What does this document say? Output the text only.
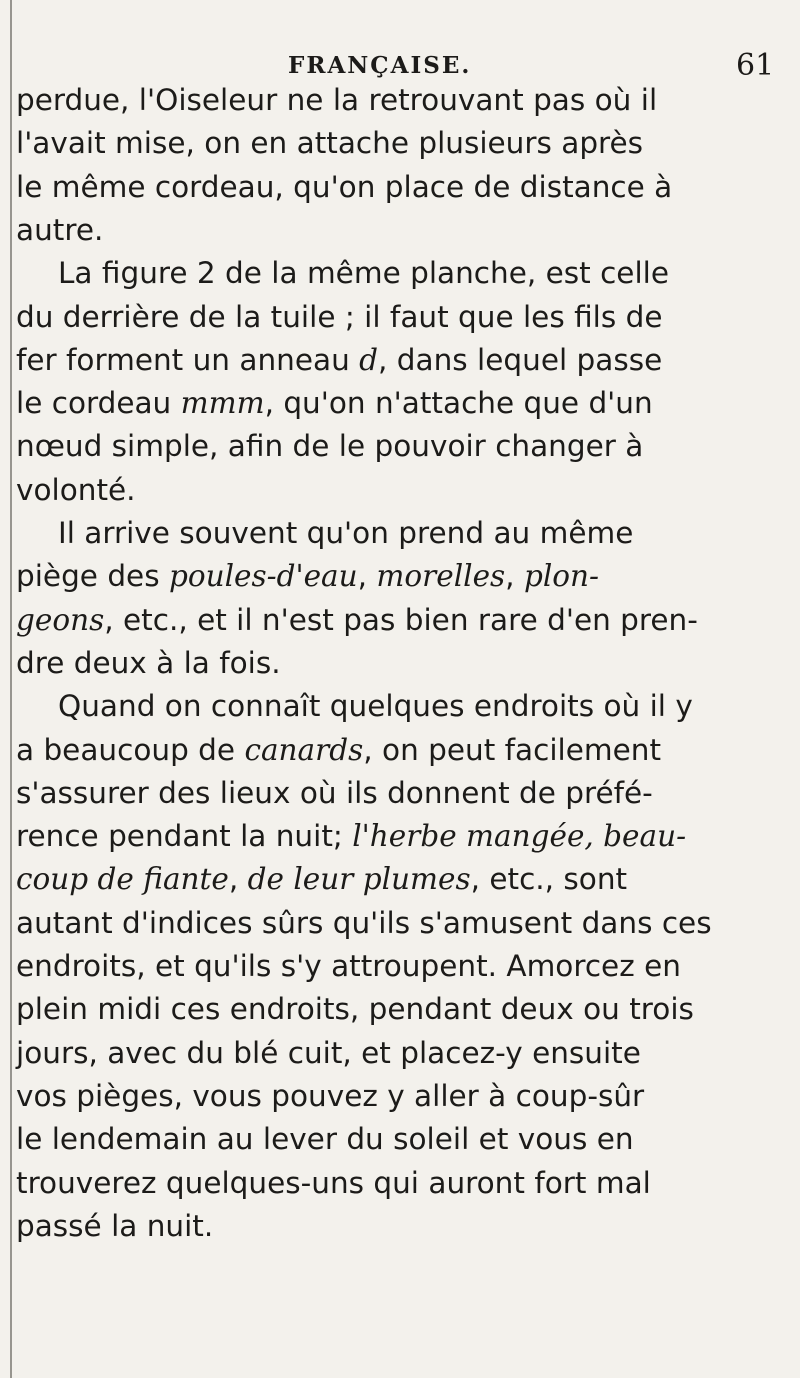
FRANÇAISE.	61
perdue, l'Oiseleur ne la retrouvant pas où il
l'avait mise, on en attache plusieurs après
le même cordeau, qu'on place de distance à
autre.
La figure 2 de la même planche, est celle
du derrière de la tuile ; il faut que les fils de
fer forment un anneau d, dans lequel passe
le cordeau mmm, qu'on n'attache que d'un
nœud simple, afin de le pouvoir changer à
volonté.
Il arrive souvent qu'on prend au même
piège des poules-d'eau, morelles, plon-
geons, etc., et il n'est pas bien rare d'en pren-
dre deux à la fois.
Quand on connaît quelques endroits où il y
a beaucoup de canards, on peut facilement
s'assurer des lieux où ils donnent de préfé-
rence pendant la nuit; l'herbe mangée, beau-
coup de fiante, de leur plumes, etc., sont
autant d'indices sûrs qu'ils s'amusent dans ces
endroits, et qu'ils s'y attroupent. Amorcez en
plein midi ces endroits, pendant deux ou trois
jours, avec du blé cuit, et placez-y ensuite
vos pièges, vous pouvez y aller à coup-sûr
le lendemain au lever du soleil et vous en
trouverez quelques-uns qui auront fort mal
passé la nuit.
